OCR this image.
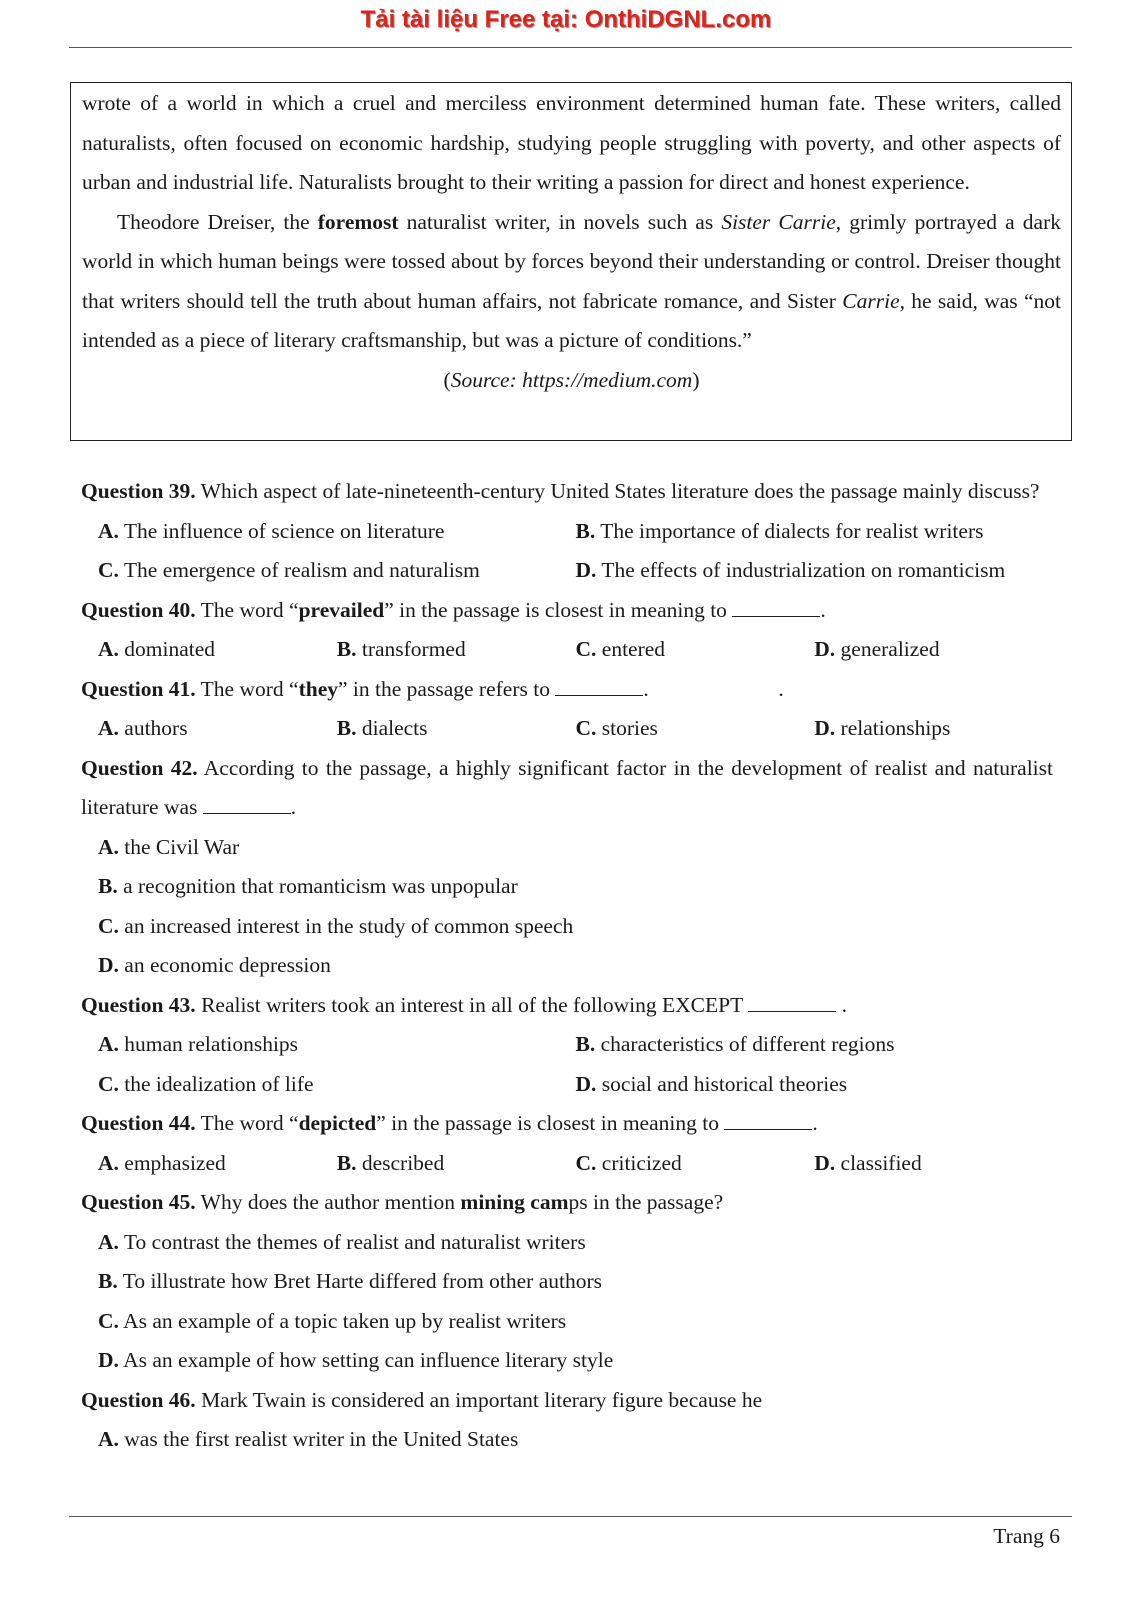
Tải tài liệu Free tại: OnthiDGNL.com

wrote of a world in which a cruel and merciless environment determined human fate. These writers, called naturalists, often focused on economic hardship, studying people struggling with poverty, and other aspects of urban and industrial life. Naturalists brought to their writing a passion for direct and honest experience.

Theodore Dreiser, the foremost naturalist writer, in novels such as Sister Carrie, grimly portrayed a dark world in which human beings were tossed about by forces beyond their understanding or control. Dreiser thought that writers should tell the truth about human affairs, not fabricate romance, and Sister Carrie, he said, was “not intended as a piece of literary craftsmanship, but was a picture of conditions.”

(Source: https://medium.com)

Question 39. Which aspect of late-nineteenth-century United States literature does the passage mainly discuss?

A. The influence of science on literature	B. The importance of dialects for realist writers
C. The emergence of realism and naturalism	D. The effects of industrialization on romanticism

Question 40. The word “prevailed” in the passage is closest in meaning to	.

A. dominated	B. transformed	C. entered	D. generalized

Question 41. The word “they” in the passage refers to	.	.

A. authors	B. dialects	C. stories	D. relationships

Question 42. According to the passage, a highly significant factor in the development of realist and naturalist literature was	.

A. the Civil War

B. a recognition that romanticism was unpopular

C. an increased interest in the study of common speech

D. an economic depression

Question 43. Realist writers took an interest in all of the following EXCEPT	.

A. human relationships	B. characteristics of different regions
C. the idealization of life	D. social and historical theories

Question 44. The word “depicted” in the passage is closest in meaning to	.

A. emphasized	B. described	C. criticized	D. classified

Question 45. Why does the author mention mining camps in the passage?

A. To contrast the themes of realist and naturalist writers

B. To illustrate how Bret Harte differed from other authors

C. As an example of a topic taken up by realist writers

D. As an example of how setting can influence literary style

Question 46. Mark Twain is considered an important literary figure because he

A. was the first realist writer in the United States

Trang 6
